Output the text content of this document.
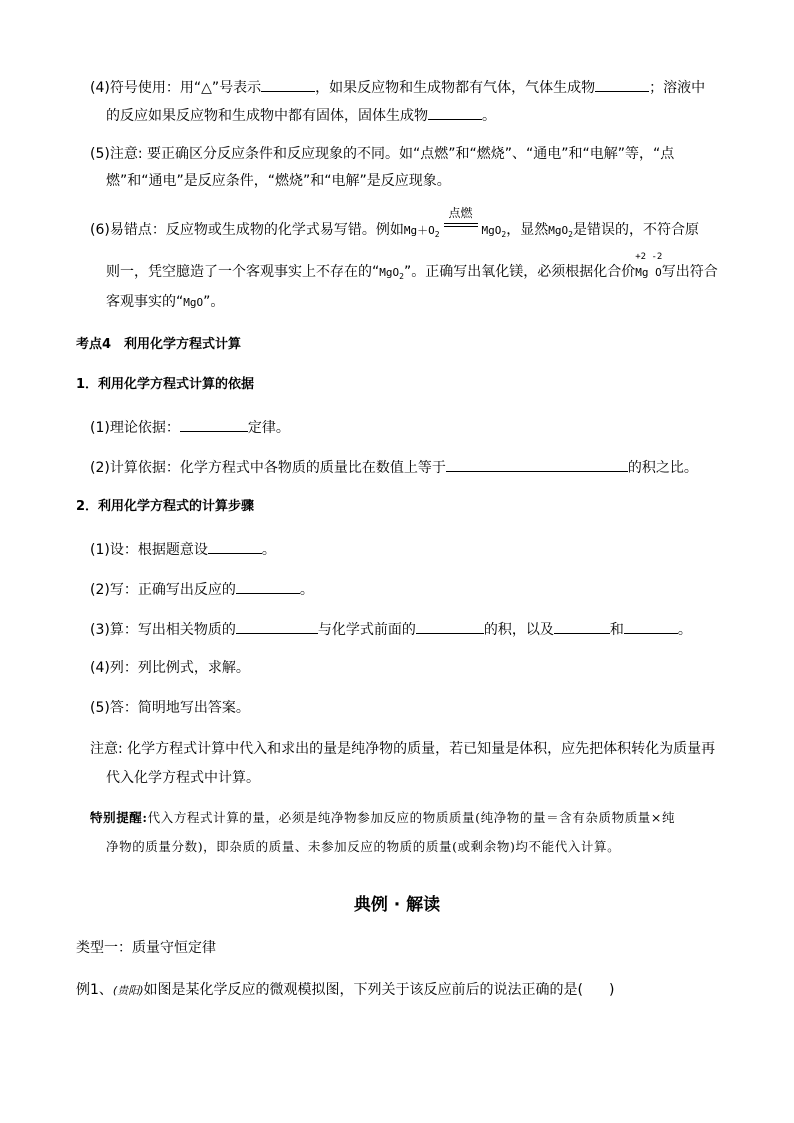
(4)符号使用：用“△”号表示	，如果反应物和生成物都有气体，气体生成物	；溶液中
的反应如果反应物和生成物中都有固体，固体生成物	。
(5)注意: 要正确区分反应条件和反应现象的不同。如“点燃”和“燃烧”、“通电”和“电解”等，“点
燃”和“通电”是反应条件，“燃烧”和“电解”是反应现象。
(6)易错点：反应物或生成物的化学式易写错。例如$Mg+O_2$
点燃
MgO$_2$，显然MgO$_2$是错误的，不符合原
则一，凭空臆造了一个客观事实上不存在的“MgO$_2$”。正确写出氧化镁，必须根据化合价
+2 -2
Mg O写出符合
客观事实的“MgO”。
考点4　利用化学方程式计算
1．利用化学方程式计算的依据
(1)理论依据：	定律。
(2)计算依据：化学方程式中各物质的质量比在数值上等于	的积之比。
2．利用化学方程式的计算步骤
(1)设：根据题意设	。
(2)写：正确写出反应的	。
(3)算：写出相关物质的	与化学式前面的	的积，以及	和	。
(4)列：列比例式，求解。
(5)答：简明地写出答案。
注意: 化学方程式计算中代入和求出的量是纯净物的质量，若已知量是体积，应先把体积转化为质量再
代入化学方程式中计算。
特别提醒:代入方程式计算的量，必须是纯净物参加反应的物质质量(纯净物的量＝含有杂质物质量×纯
净物的质量分数)，即杂质的质量、未参加反应的物质的质量(或剩余物)均不能代入计算。
典例 · 解读
类型一：质量守恒定律
例1、(贵阳)如图是某化学反应的微观模拟图，下列关于该反应前后的说法正确的是( )
